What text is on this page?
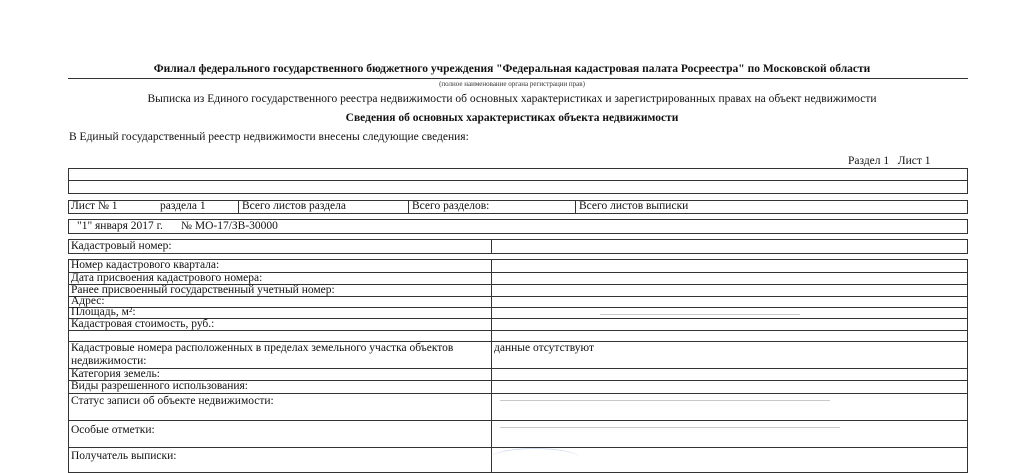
Филиал федерального государственного бюджетного учреждения "Федеральная кадастровая палата Росреестра" по Московской области
(полное наименование органа регистрации прав)
Выписка из Единого государственного реестра недвижимости об основных характеристиках и зарегистрированных правах на объект недвижимости
Сведения об основных характеристиках объекта недвижимости
В Единый государственный реестр недвижимости внесены следующие сведения:
Раздел 1   Лист 1
Лист № 1	раздела 1	Всего листов раздела	Всего разделов:	Всего листов выписки
"1" января 2017 г. № МО-17/ЗВ-30000
Кадастровый номер:
Номер кадастрового квартала:
Дата присвоения кадастрового номера:
Ранее присвоенный государственный учетный номер:
Адрес:
Площадь, м²:
Кадастровая стоимость, руб.:
Кадастровые номера расположенных в пределах земельного участка объектов
недвижимости:
данные отсутствуют
Категория земель:
Виды разрешенного использования:
Статус записи об объекте недвижимости:
Особые отметки:
Получатель выписки:
